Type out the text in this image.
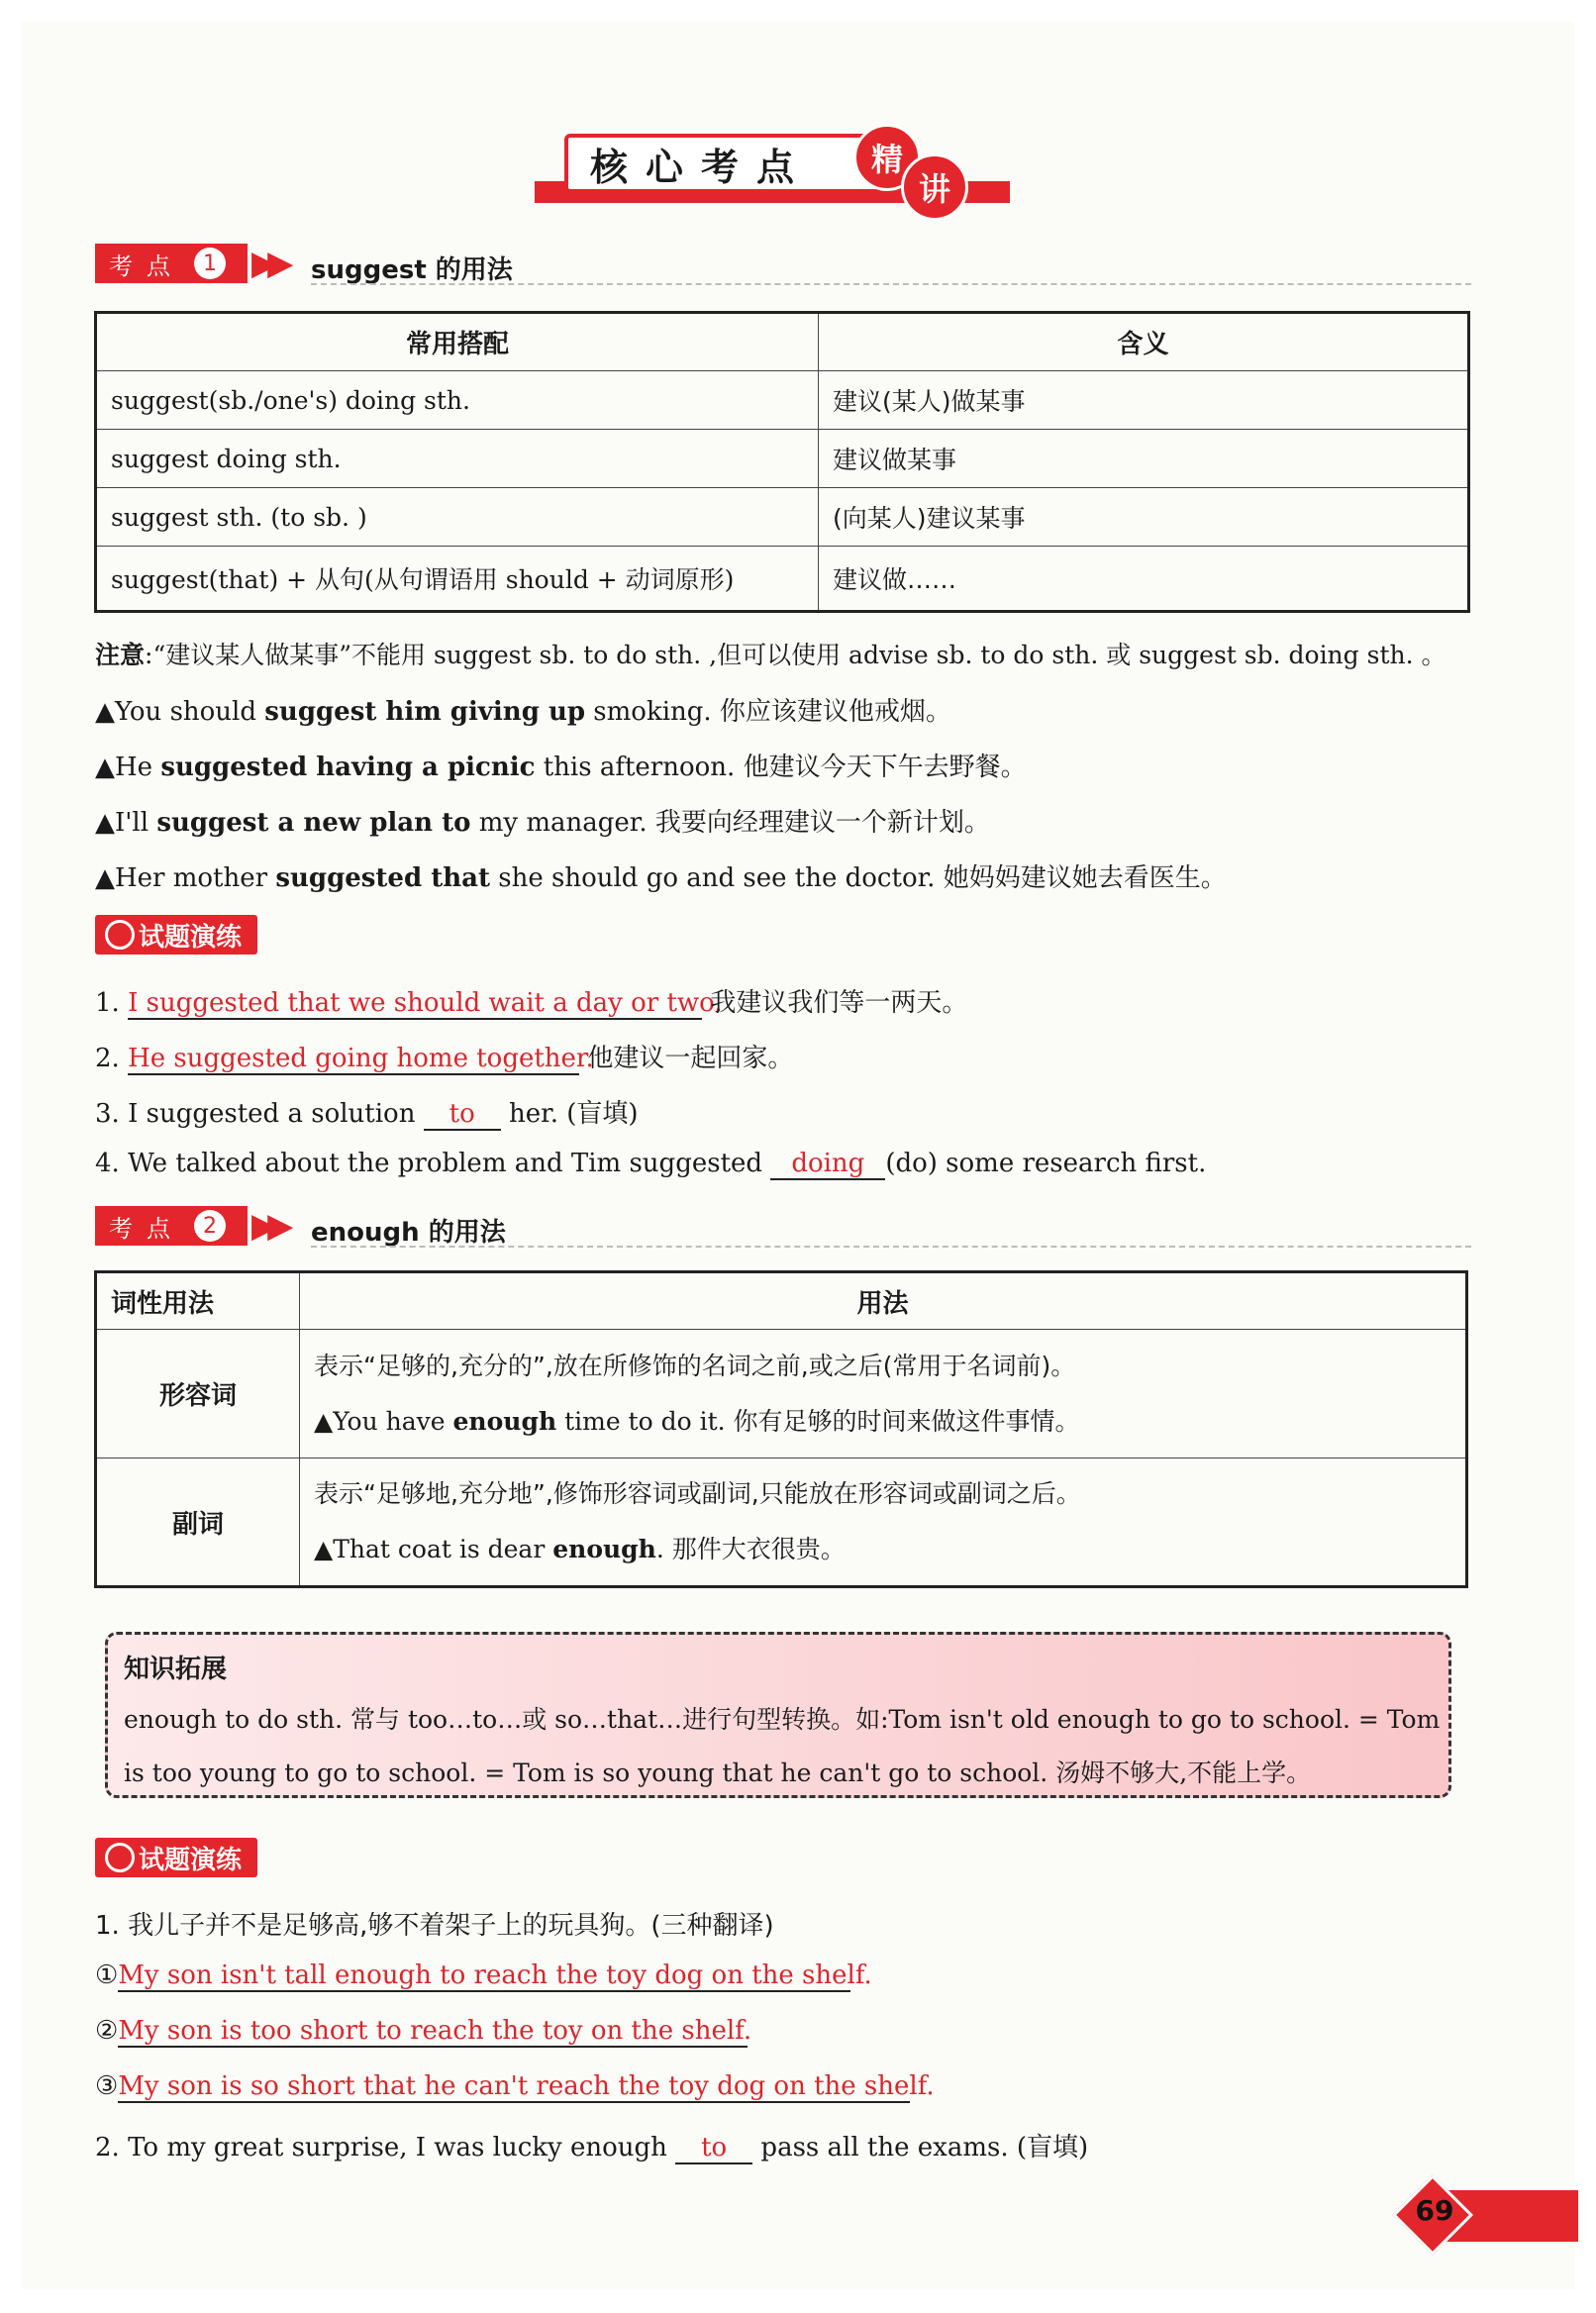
核心考点	精
讲
考点 1 ▶▶ suggest 的用法
常用搭配	含义
suggest(sb./one's) doing sth.	建议(某人)做某事
suggest doing sth.	建议做某事
suggest sth. (to sb. )	(向某人)建议某事
suggest(that) + 从句(从句谓语用 should + 动词原形)	建议做……
注意:“建议某人做某事”不能用 suggest sb. to do sth. ,但可以使用 advise sb. to do sth. 或 suggest sb. doing sth. 。
▲You should suggest him giving up smoking. 你应该建议他戒烟。
▲He suggested having a picnic this afternoon. 他建议今天下午去野餐。
▲I'll suggest a new plan to my manager. 我要向经理建议一个新计划。
▲Her mother suggested that she should go and see the doctor. 她妈妈建议她去看医生。
试题演练
1. I suggested that we should wait a day or two. 我建议我们等一两天。
2. He suggested going home together. 他建议一起回家。
3. I suggested a solution to her. (盲填)
4. We talked about the problem and Tim suggested doing (do) some research first.
考点 2 ▶▶ enough 的用法
词性用法	用法
形容词	表示“足够的,充分的”,放在所修饰的名词之前,或之后(常用于名词前)。
▲You have enough time to do it. 你有足够的时间来做这件事情。

副词	表示“足够地,充分地”,修饰形容词或副词,只能放在形容词或副词之后。
▲That coat is dear enough. 那件大衣很贵。
知识拓展
enough to do sth. 常与 too…to…或 so…that…进行句型转换。如:Tom isn't old enough to go to school. = Tom
is too young to go to school. = Tom is so young that he can't go to school. 汤姆不够大,不能上学。
试题演练
1. 我儿子并不是足够高,够不着架子上的玩具狗。(三种翻译)
①My son isn't tall enough to reach the toy dog on the shelf.
②My son is too short to reach the toy on the shelf.
③My son is so short that he can't reach the toy dog on the shelf.
2. To my great surprise, I was lucky enough to pass all the exams. (盲填)
69
